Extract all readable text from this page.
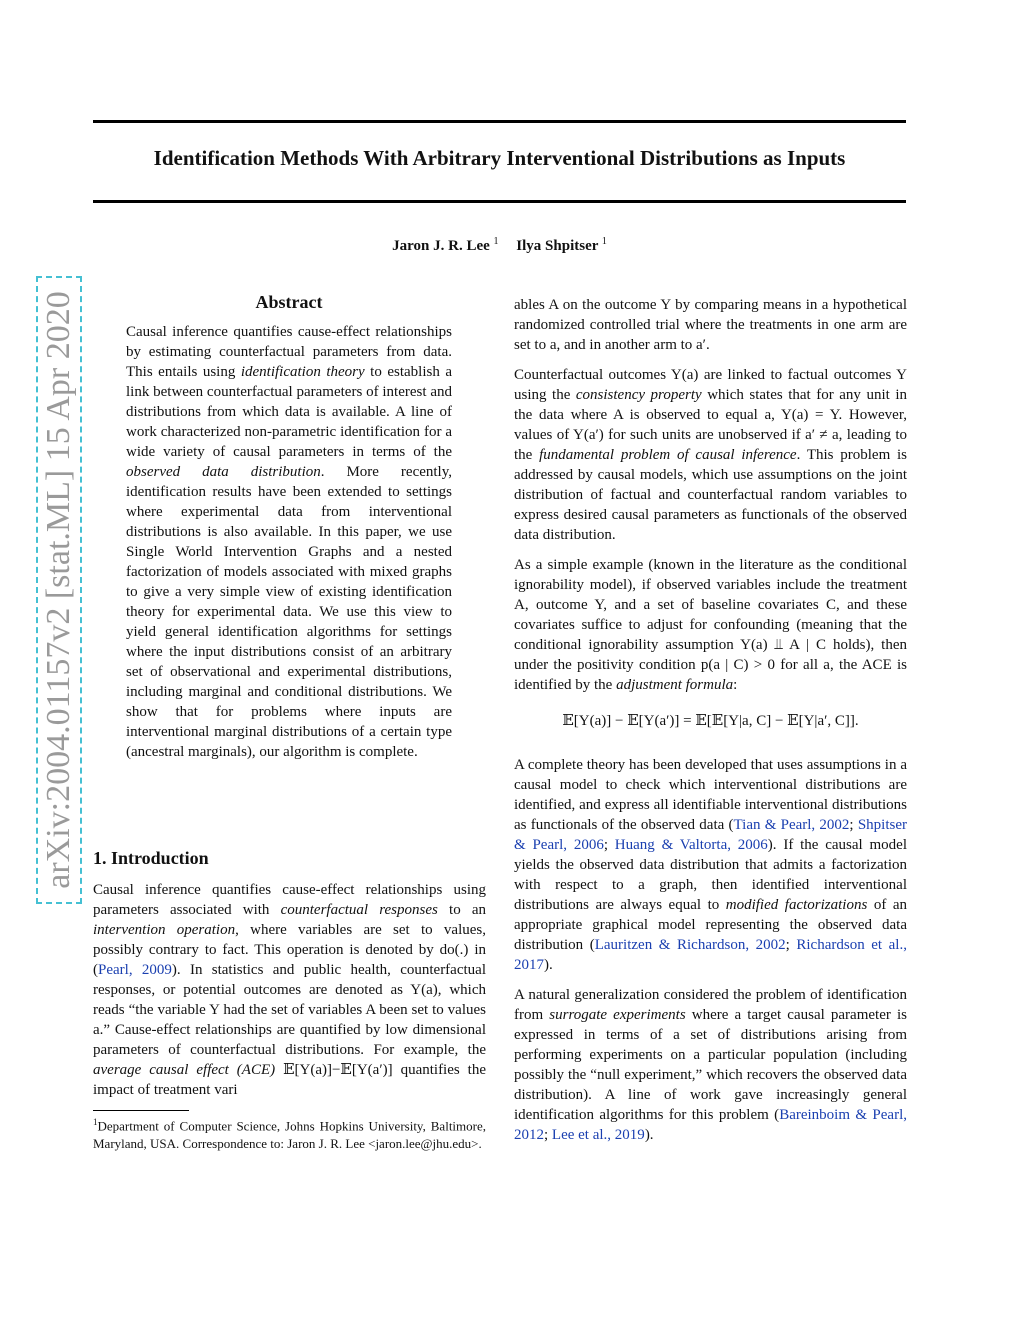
Identification Methods With Arbitrary Interventional Distributions as Inputs
Jaron J. R. Lee $^1$ Ilya Shpitser $^1$
arXiv:2004.01157v2 [stat.ML] 15 Apr 2020	Abstract

Causal inference quantifies cause-effect relationships by estimating counterfactual parameters from data. This entails using identification theory to establish a link between counterfactual parameters of interest and distributions from which data is available. A line of work characterized non-parametric identification for a wide variety of causal parameters in terms of the observed data distribution. More recently, identification results have been extended to settings where experimental data from interventional distributions is also available. In this paper, we use Single World Intervention Graphs and a nested factorization of models associated with mixed graphs to give a very simple view of existing identification theory for experimental data. We use this view to yield general identification algorithms for settings where the input distributions consist of an arbitrary set of observational and experimental distributions, including marginal and conditional distributions. We show that for problems where inputs are interventional marginal distributions of a certain type (ancestral marginals), our algorithm is complete.

1. Introduction

Causal inference quantifies cause-effect relationships using parameters associated with counterfactual responses to an intervention operation, where variables are set to values, possibly contrary to fact. This operation is denoted by do(.) in (Pearl, 2009). In statistics and public health, counterfactual responses, or potential outcomes are denoted as Y(a), which reads “the variable Y had the set of variables A been set to values a.” Cause-effect relationships are quantified by low dimensional parameters of counterfactual distributions. For example, the average causal effect (ACE) 𝔼[Y(a)]−𝔼[Y(a′)] quantifies the impact of treatment vari

$^1$Department of Computer Science, Johns Hopkins University, Baltimore, Maryland, USA. Correspondence to: Jaron J. R. Lee <jaron.lee@jhu.edu>.

ables A on the outcome Y by comparing means in a hypothetical randomized controlled trial where the treatments in one arm are set to a, and in another arm to a′.

Counterfactual outcomes Y(a) are linked to factual outcomes Y using the consistency property which states that for any unit in the data where A is observed to equal a, Y(a) = Y. However, values of Y(a′) for such units are unobserved if a′ ≠ a, leading to the fundamental problem of causal inference. This problem is addressed by causal models, which use assumptions on the joint distribution of factual and counterfactual random variables to express desired causal parameters as functionals of the observed data distribution.

As a simple example (known in the literature as the conditional ignorability model), if observed variables include the treatment A, outcome Y, and a set of baseline covariates C, and these covariates suffice to adjust for confounding (meaning that the conditional ignorability assumption Y(a) ⫫ A | C holds), then under the positivity condition p(a | C) > 0 for all a, the ACE is identified by the adjustment formula:

𝔼[Y(a)] − 𝔼[Y(a′)] = 𝔼[𝔼[Y|a, C] − 𝔼[Y|a′, C]].

A complete theory has been developed that uses assumptions in a causal model to check which interventional distributions are identified, and express all identifiable interventional distributions as functionals of the observed data (Tian & Pearl, 2002; Shpitser & Pearl, 2006; Huang & Valtorta, 2006). If the causal model yields the observed data distribution that admits a factorization with respect to a graph, then identified interventional distributions are always equal to modified factorizations of an appropriate graphical model representing the observed data distribution (Lauritzen & Richardson, 2002; Richardson et al., 2017).

A natural generalization considered the problem of identification from surrogate experiments where a target causal parameter is expressed in terms of a set of distributions arising from performing experiments on a particular population (including possibly the “null experiment,” which recovers the observed data distribution). A line of work gave increasingly general identification algorithms for this problem (Bareinboim & Pearl, 2012; Lee et al., 2019).
